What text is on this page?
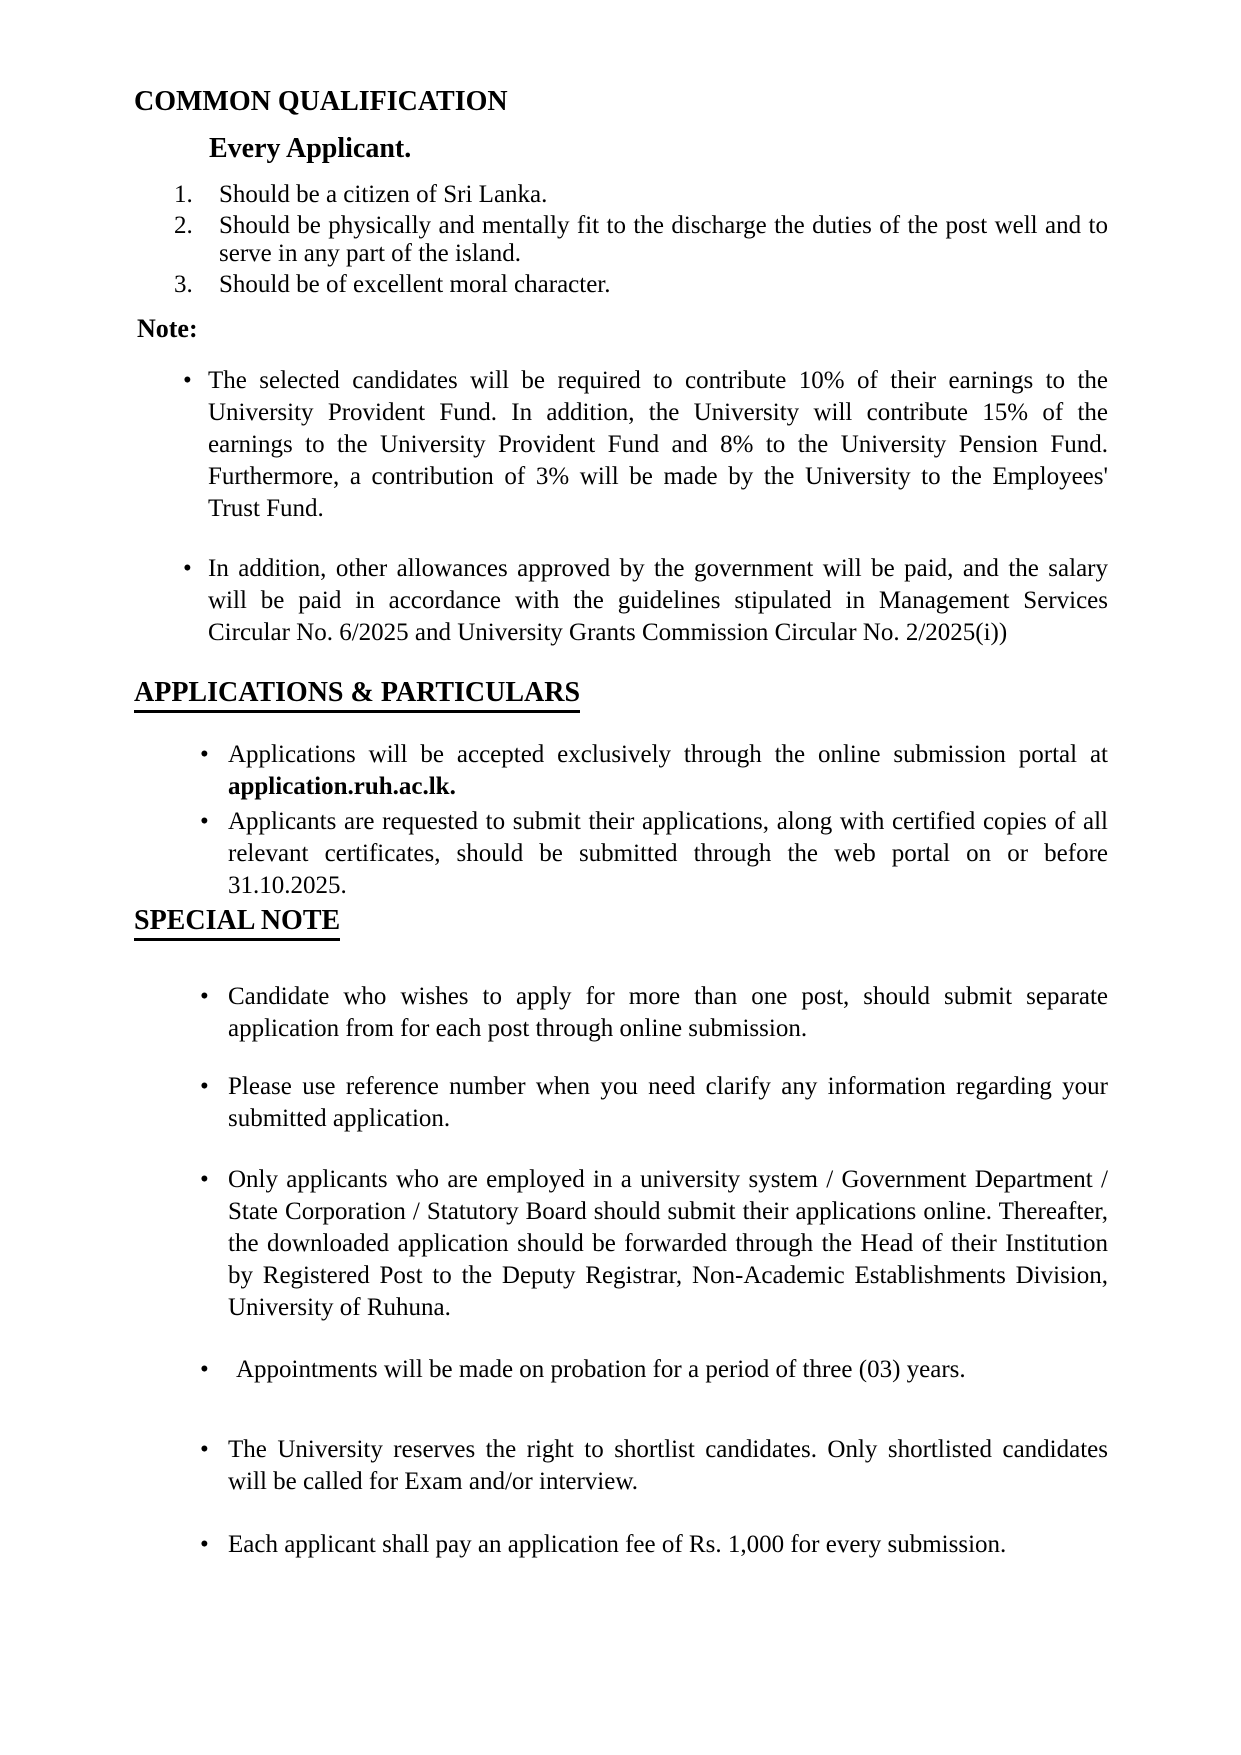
COMMON QUALIFICATION
Every Applicant.
1.	Should be a citizen of Sri Lanka.
2.	Should be physically and mentally fit to the discharge the duties of the post well and to serve in any part of the island.
3.	Should be of excellent moral character.
Note:
• The selected candidates will be required to contribute 10% of their earnings to the University Provident Fund. In addition, the University will contribute 15% of the earnings to the University Provident Fund and 8% to the University Pension Fund. Furthermore, a contribution of 3% will be made by the University to the Employees' Trust Fund.
• In addition, other allowances approved by the government will be paid, and the salary will be paid in accordance with the guidelines stipulated in Management Services Circular No. 6/2025 and University Grants Commission Circular No. 2/2025(i))
APPLICATIONS & PARTICULARS
• Applications will be accepted exclusively through the online submission portal at application.ruh.ac.lk.
• Applicants are requested to submit their applications, along with certified copies of all relevant certificates, should be submitted through the web portal on or before 31.10.2025.
SPECIAL NOTE
• Candidate who wishes to apply for more than one post, should submit separate application from for each post through online submission.
• Please use reference number when you need clarify any information regarding your submitted application.
• Only applicants who are employed in a university system / Government Department / State Corporation / Statutory Board should submit their applications online. Thereafter, the downloaded application should be forwarded through the Head of their Institution by Registered Post to the Deputy Registrar, Non-Academic Establishments Division, University of Ruhuna.
•	Appointments will be made on probation for a period of three (03) years.
• The University reserves the right to shortlist candidates. Only shortlisted candidates will be called for Exam and/or interview.
• Each applicant shall pay an application fee of Rs. 1,000 for every submission.
